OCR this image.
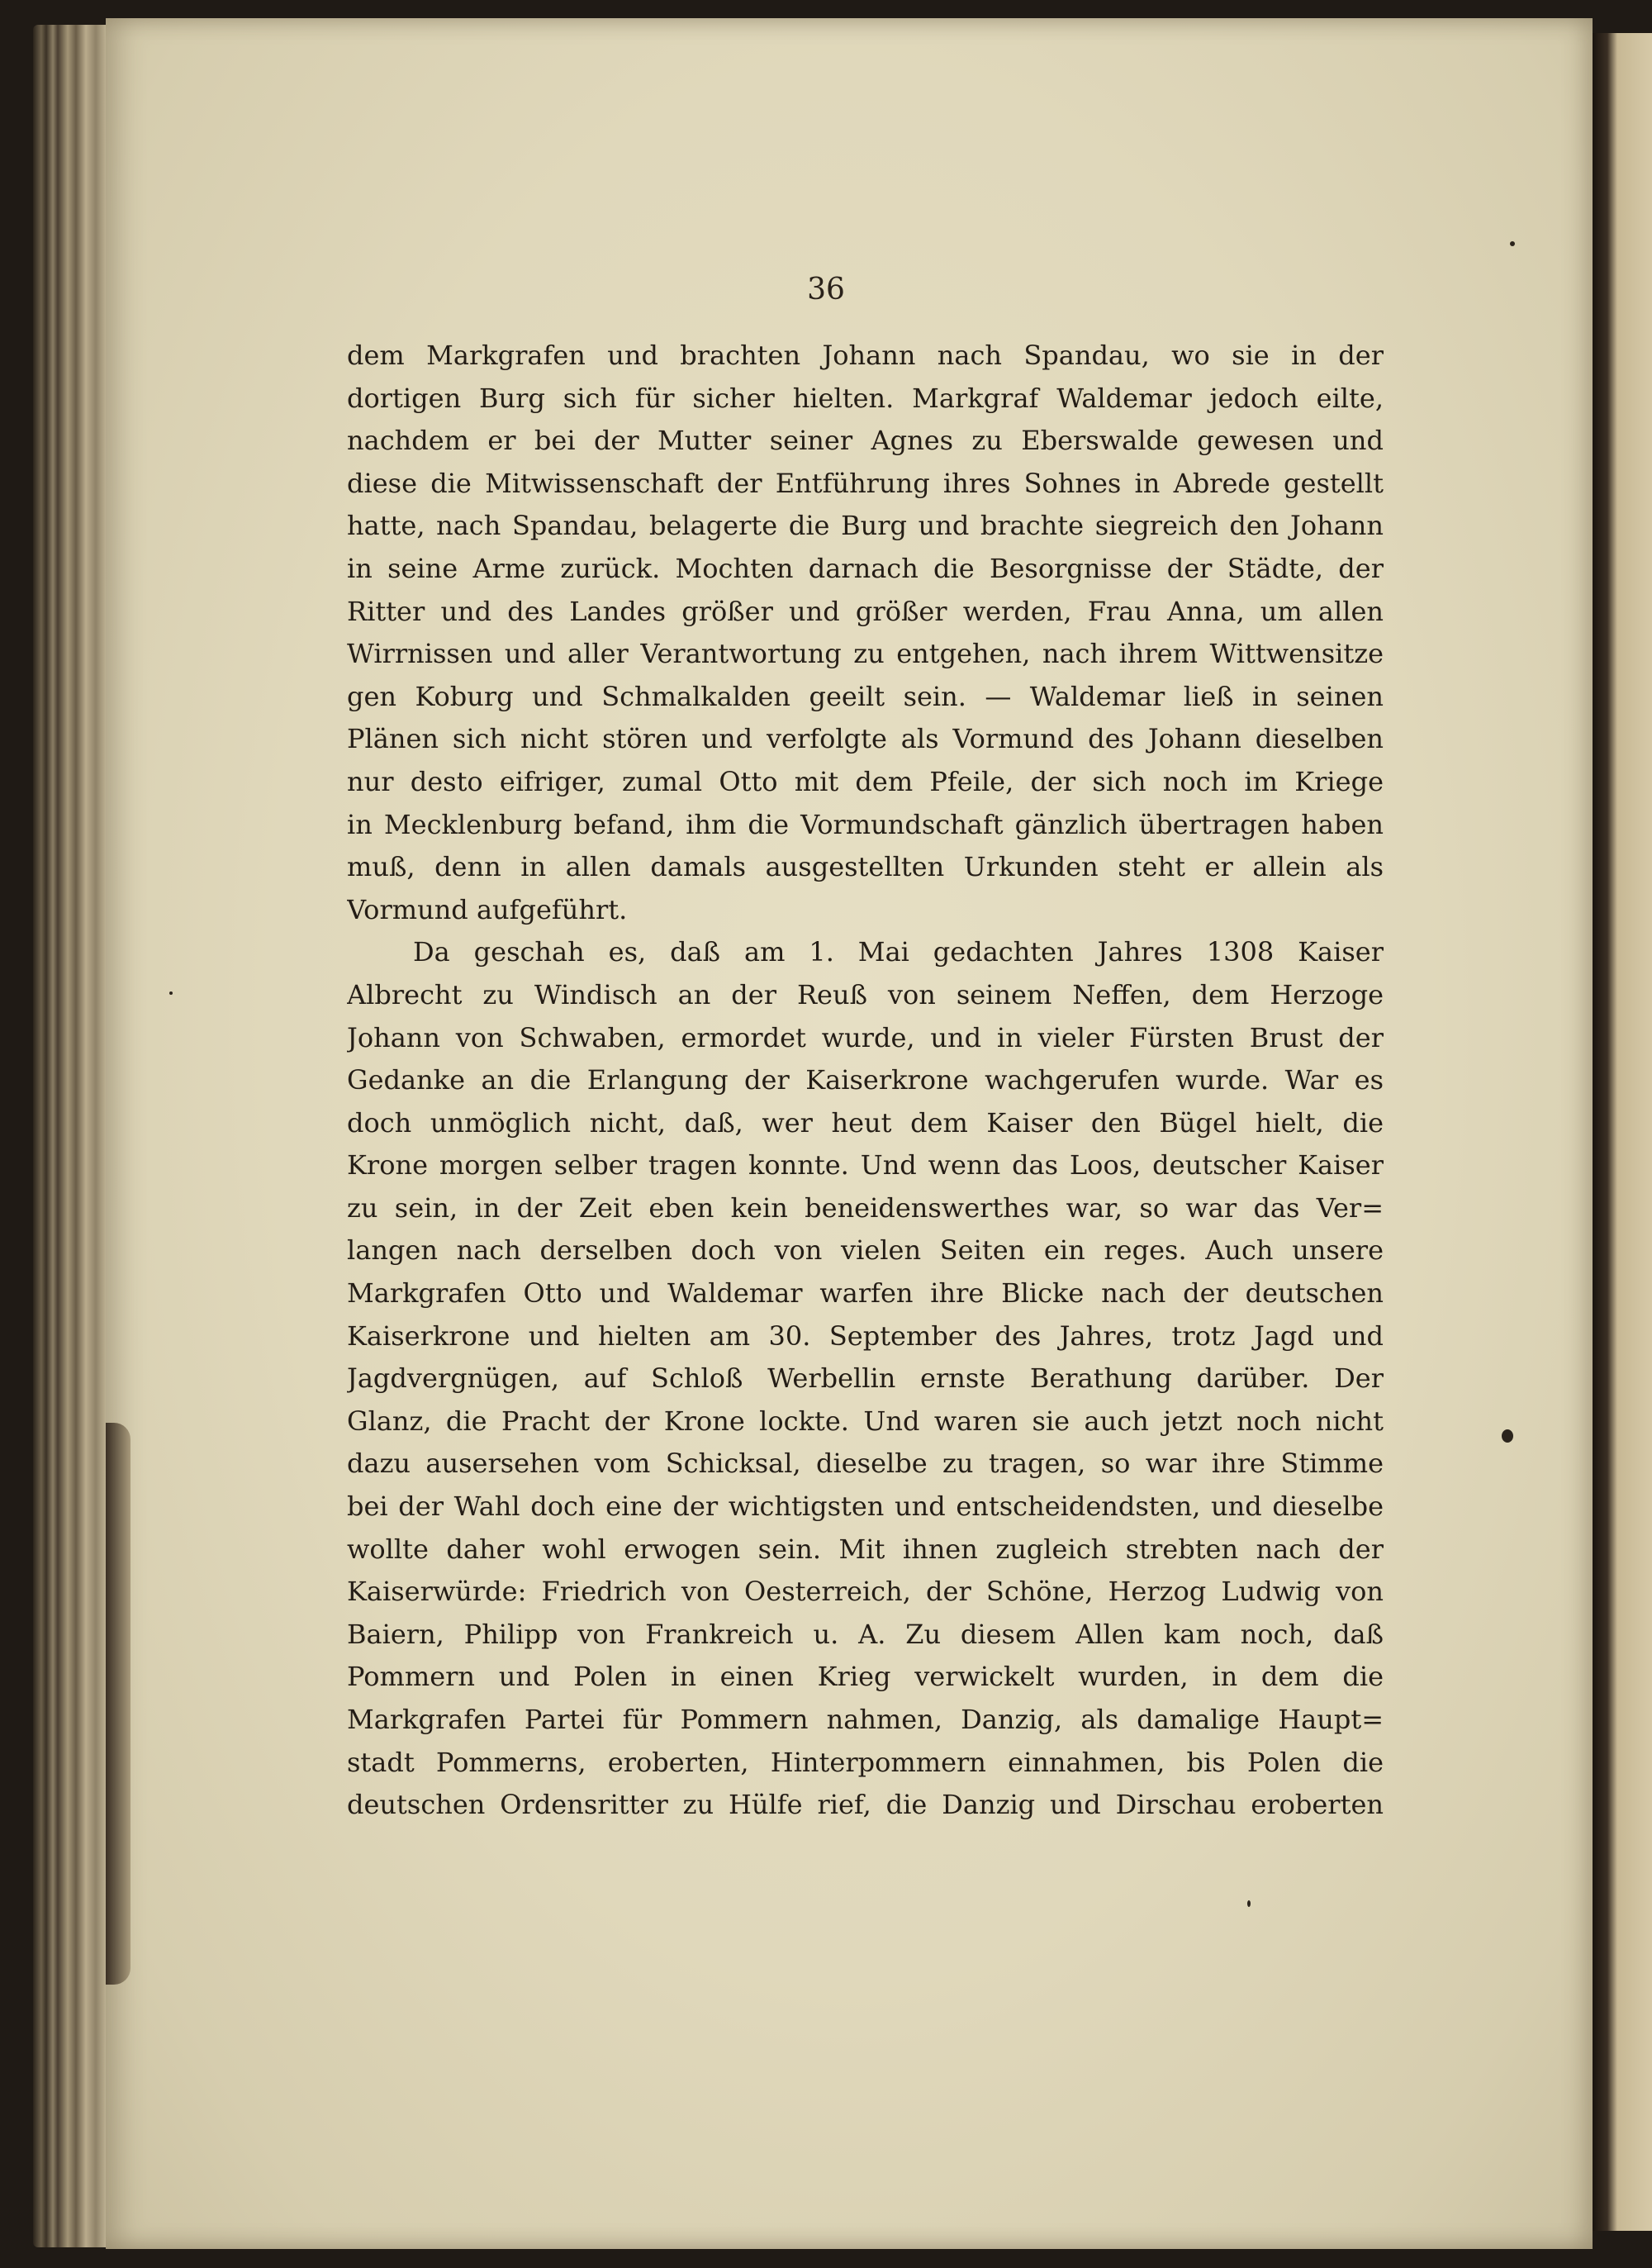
36
dem Markgrafen und brachten Johann nach Spandau, wo sie in der
dortigen Burg sich für sicher hielten. Markgraf Waldemar jedoch eilte,
nachdem er bei der Mutter seiner Agnes zu Eberswalde gewesen und
diese die Mitwissenschaft der Entführung ihres Sohnes in Abrede gestellt
hatte, nach Spandau, belagerte die Burg und brachte siegreich den Johann
in seine Arme zurück. Mochten darnach die Besorgnisse der Städte, der
Ritter und des Landes größer und größer werden, Frau Anna, um allen
Wirrnissen und aller Verantwortung zu entgehen, nach ihrem Wittwensitze
gen Koburg und Schmalkalden geeilt sein. — Waldemar ließ in seinen
Plänen sich nicht stören und verfolgte als Vormund des Johann dieselben
nur desto eifriger, zumal Otto mit dem Pfeile, der sich noch im Kriege
in Mecklenburg befand, ihm die Vormundschaft gänzlich übertragen haben
muß, denn in allen damals ausgestellten Urkunden steht er allein als
Vormund aufgeführt.
Da geschah es, daß am 1. Mai gedachten Jahres 1308 Kaiser
Albrecht zu Windisch an der Reuß von seinem Neffen, dem Herzoge
Johann von Schwaben, ermordet wurde, und in vieler Fürsten Brust der
Gedanke an die Erlangung der Kaiserkrone wachgerufen wurde. War es
doch unmöglich nicht, daß, wer heut dem Kaiser den Bügel hielt, die
Krone morgen selber tragen konnte. Und wenn das Loos, deutscher Kaiser
zu sein, in der Zeit eben kein beneidenswerthes war, so war das Ver=
langen nach derselben doch von vielen Seiten ein reges. Auch unsere
Markgrafen Otto und Waldemar warfen ihre Blicke nach der deutschen
Kaiserkrone und hielten am 30. September des Jahres, trotz Jagd und
Jagdvergnügen, auf Schloß Werbellin ernste Berathung darüber. Der
Glanz, die Pracht der Krone lockte. Und waren sie auch jetzt noch nicht
dazu ausersehen vom Schicksal, dieselbe zu tragen, so war ihre Stimme
bei der Wahl doch eine der wichtigsten und entscheidendsten, und dieselbe
wollte daher wohl erwogen sein. Mit ihnen zugleich strebten nach der
Kaiserwürde: Friedrich von Oesterreich, der Schöne, Herzog Ludwig von
Baiern, Philipp von Frankreich u. A. Zu diesem Allen kam noch, daß
Pommern und Polen in einen Krieg verwickelt wurden, in dem die
Markgrafen Partei für Pommern nahmen, Danzig, als damalige Haupt=
stadt Pommerns, eroberten, Hinterpommern einnahmen, bis Polen die
deutschen Ordensritter zu Hülfe rief, die Danzig und Dirschau eroberten
